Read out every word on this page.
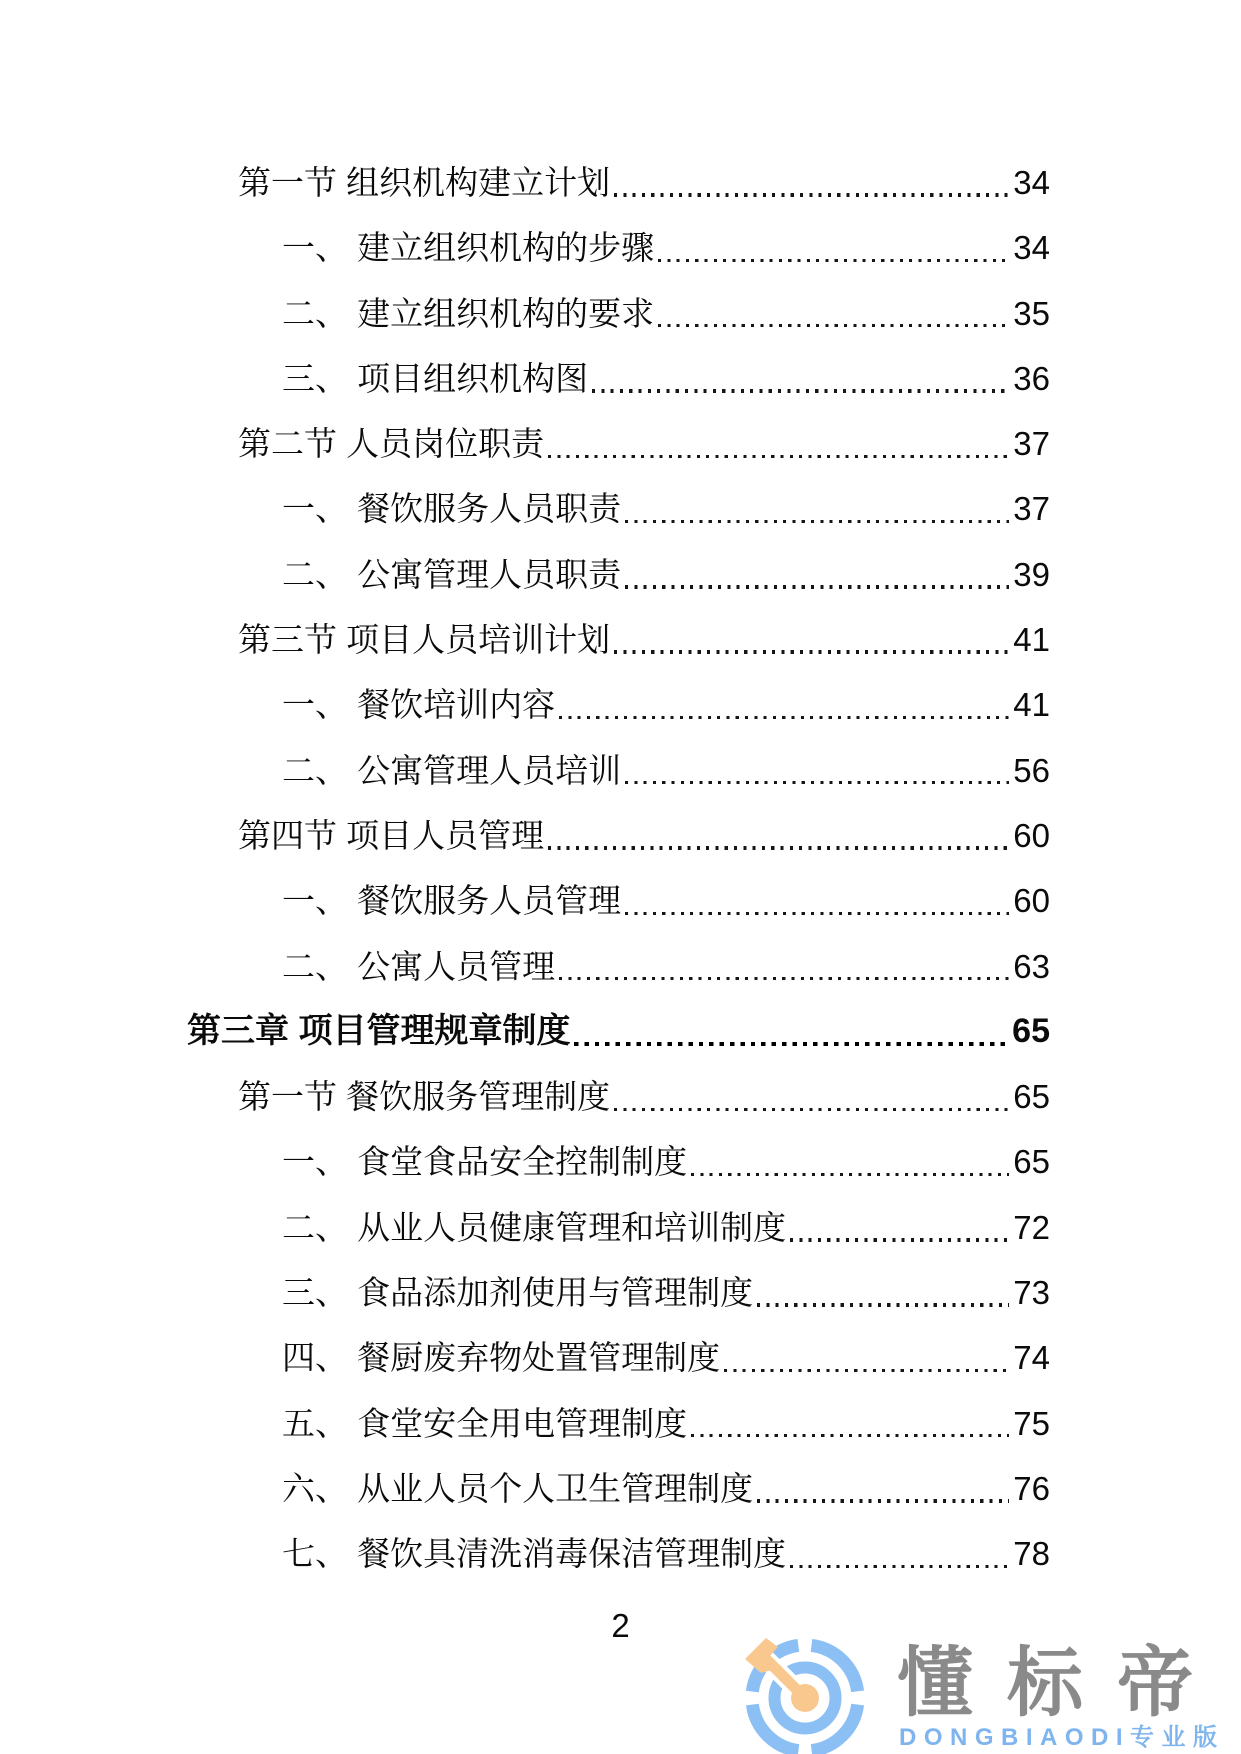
第一节 组织机构建立计划	34
一、 建立组织机构的步骤	34
二、 建立组织机构的要求	35
三、 项目组织机构图	36
第二节 人员岗位职责	37
一、 餐饮服务人员职责	37
二、 公寓管理人员职责	39
第三节 项目人员培训计划	41
一、 餐饮培训内容	41
二、 公寓管理人员培训	56
第四节 项目人员管理	60
一、 餐饮服务人员管理	60
二、 公寓人员管理	63
第三章 项目管理规章制度	65
第一节 餐饮服务管理制度	65
一、 食堂食品安全控制制度	65
二、 从业人员健康管理和培训制度	72
三、 食品添加剂使用与管理制度	73
四、 餐厨废弃物处置管理制度	74
五、 食堂安全用电管理制度	75
六、 从业人员个人卫生管理制度	76
七、 餐饮具清洗消毒保洁管理制度	78
2
懂标帝
DONGBIAODI专业版
